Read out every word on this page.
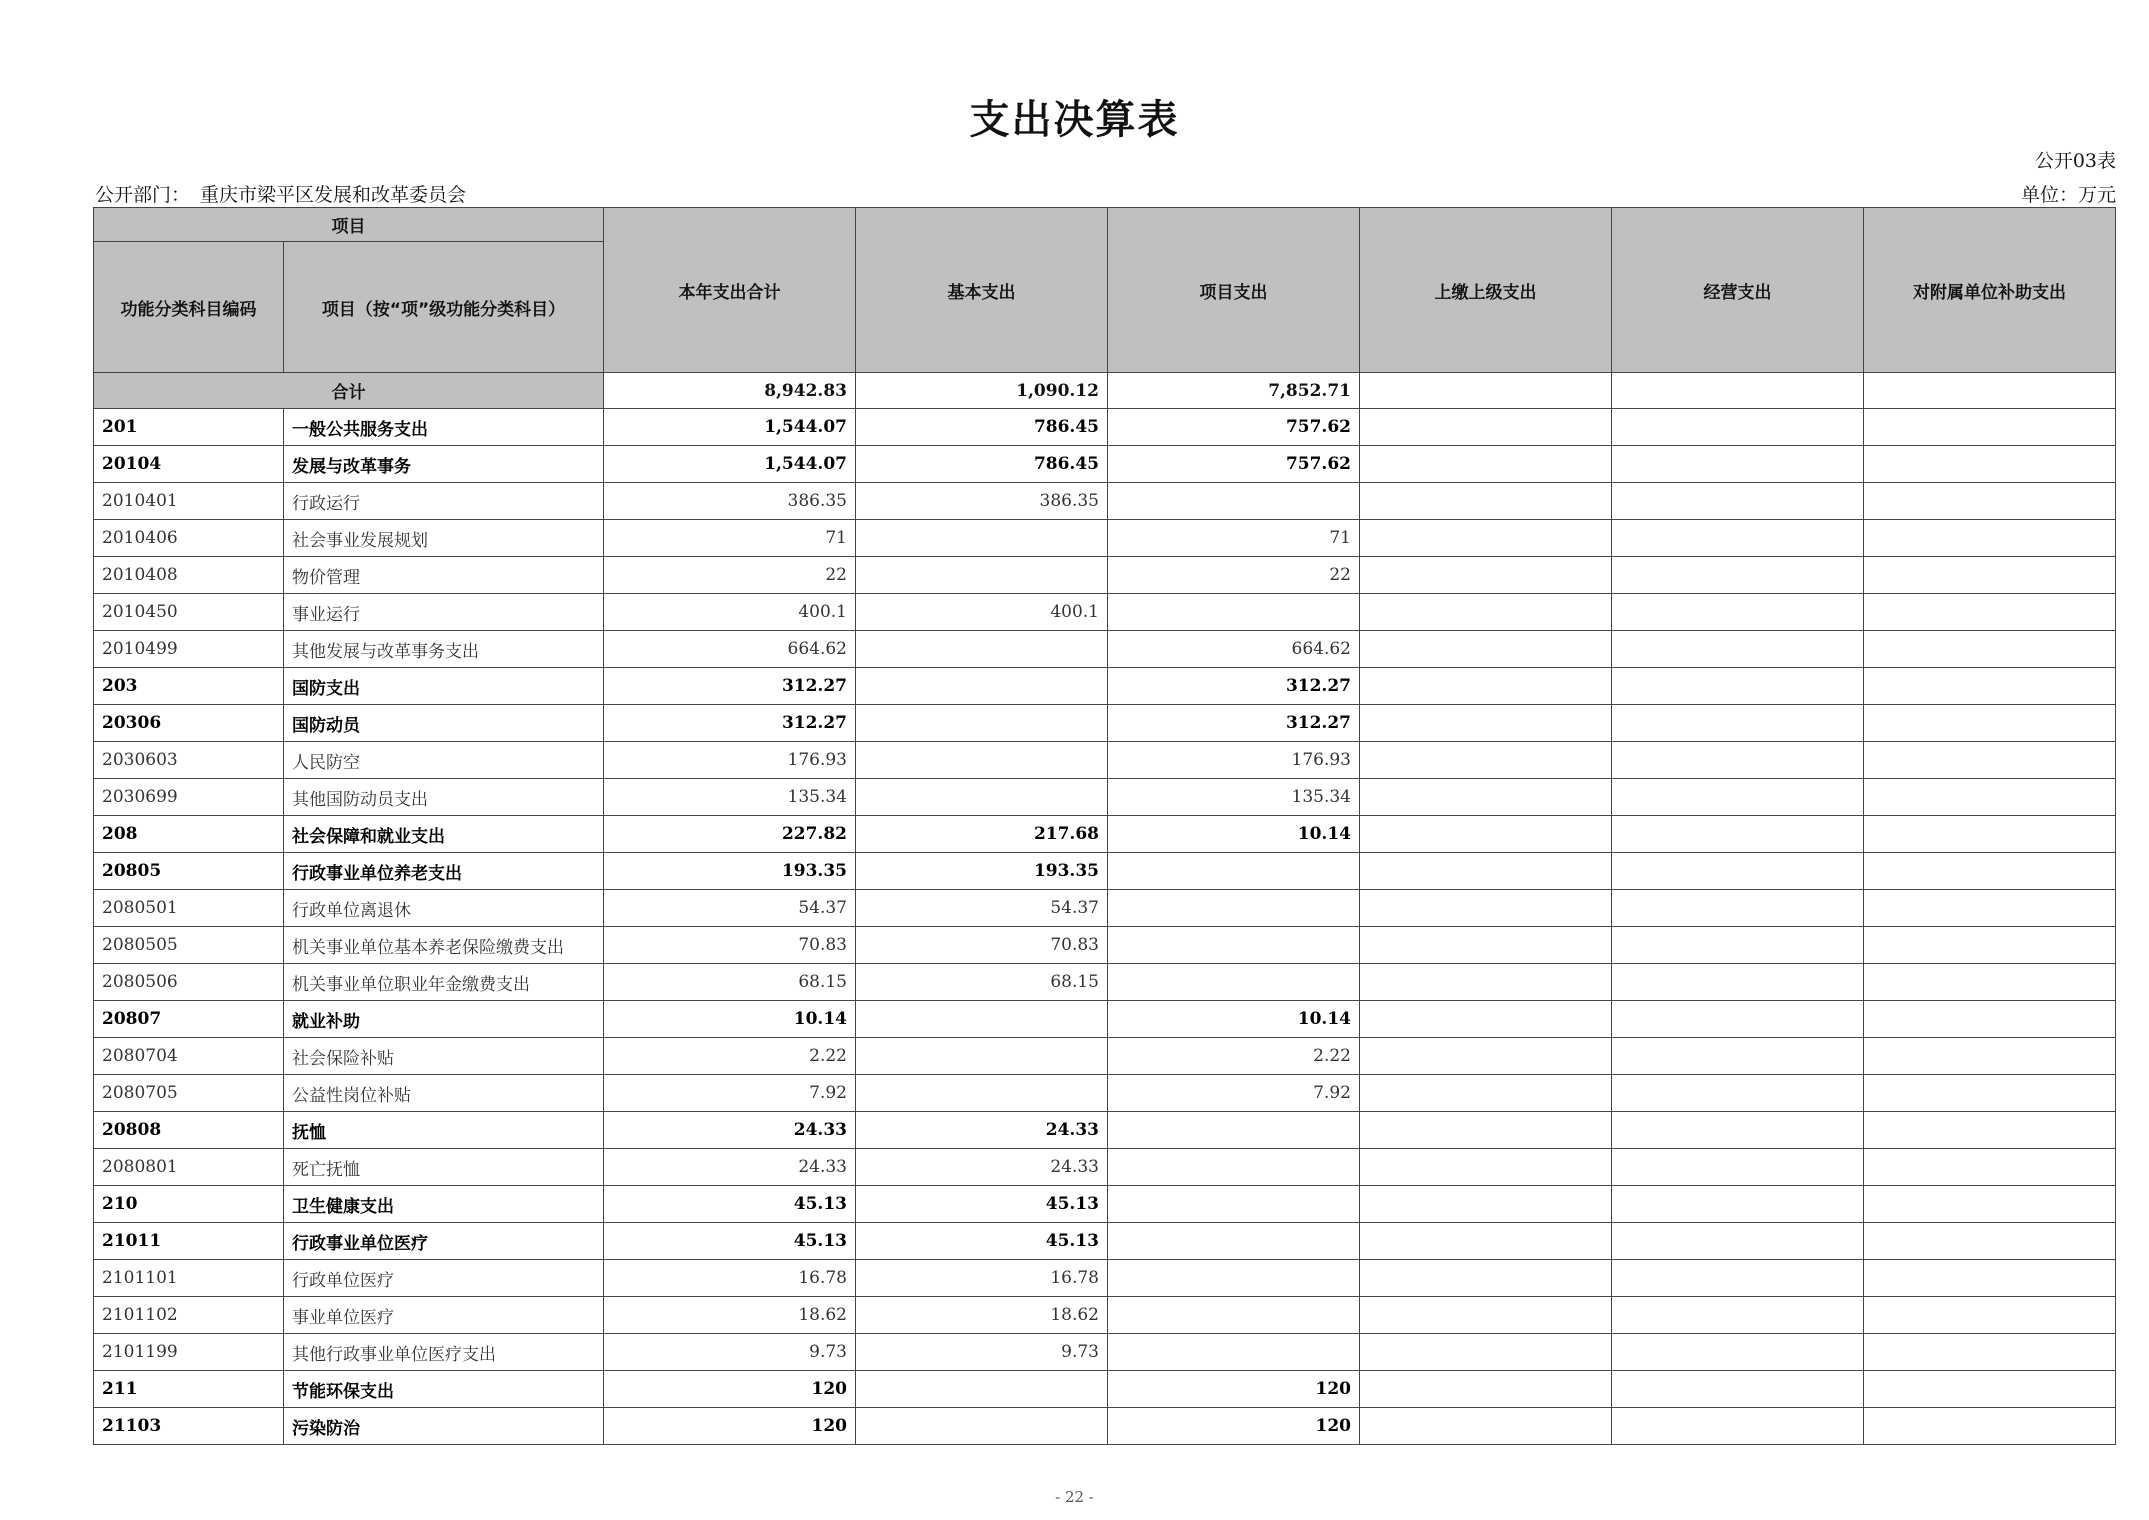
支出决算表
公开03表
公开部门： 重庆市梁平区发展和改革委员会	单位：万元
项目		本年支出合计	基本支出	项目支出	上缴上级支出	经营支出	对附属单位补助支出
功能分类科目编码	项目（按“项”级功能分类科目）						
合计		8,942.83	1,090.12	7,852.71			
201	一般公共服务支出	1,544.07	786.45	757.62			
20104	发展与改革事务	1,544.07	786.45	757.62			
2010401	行政运行	386.35	386.35				
2010406	社会事业发展规划	71		71			
2010408	物价管理	22		22			
2010450	事业运行	400.1	400.1				
2010499	其他发展与改革事务支出	664.62		664.62			
203	国防支出	312.27		312.27			
20306	国防动员	312.27		312.27			
2030603	人民防空	176.93		176.93			
2030699	其他国防动员支出	135.34		135.34			
208	社会保障和就业支出	227.82	217.68	10.14			
20805	行政事业单位养老支出	193.35	193.35				
2080501	行政单位离退休	54.37	54.37				
2080505	机关事业单位基本养老保险缴费支出	70.83	70.83				
2080506	机关事业单位职业年金缴费支出	68.15	68.15				
20807	就业补助	10.14		10.14			
2080704	社会保险补贴	2.22		2.22			
2080705	公益性岗位补贴	7.92		7.92			
20808	抚恤	24.33	24.33				
2080801	死亡抚恤	24.33	24.33				
210	卫生健康支出	45.13	45.13				
21011	行政事业单位医疗	45.13	45.13				
2101101	行政单位医疗	16.78	16.78				
2101102	事业单位医疗	18.62	18.62				
2101199	其他行政事业单位医疗支出	9.73	9.73				
211	节能环保支出	120		120			
21103	污染防治	120		120			
- 22 -
